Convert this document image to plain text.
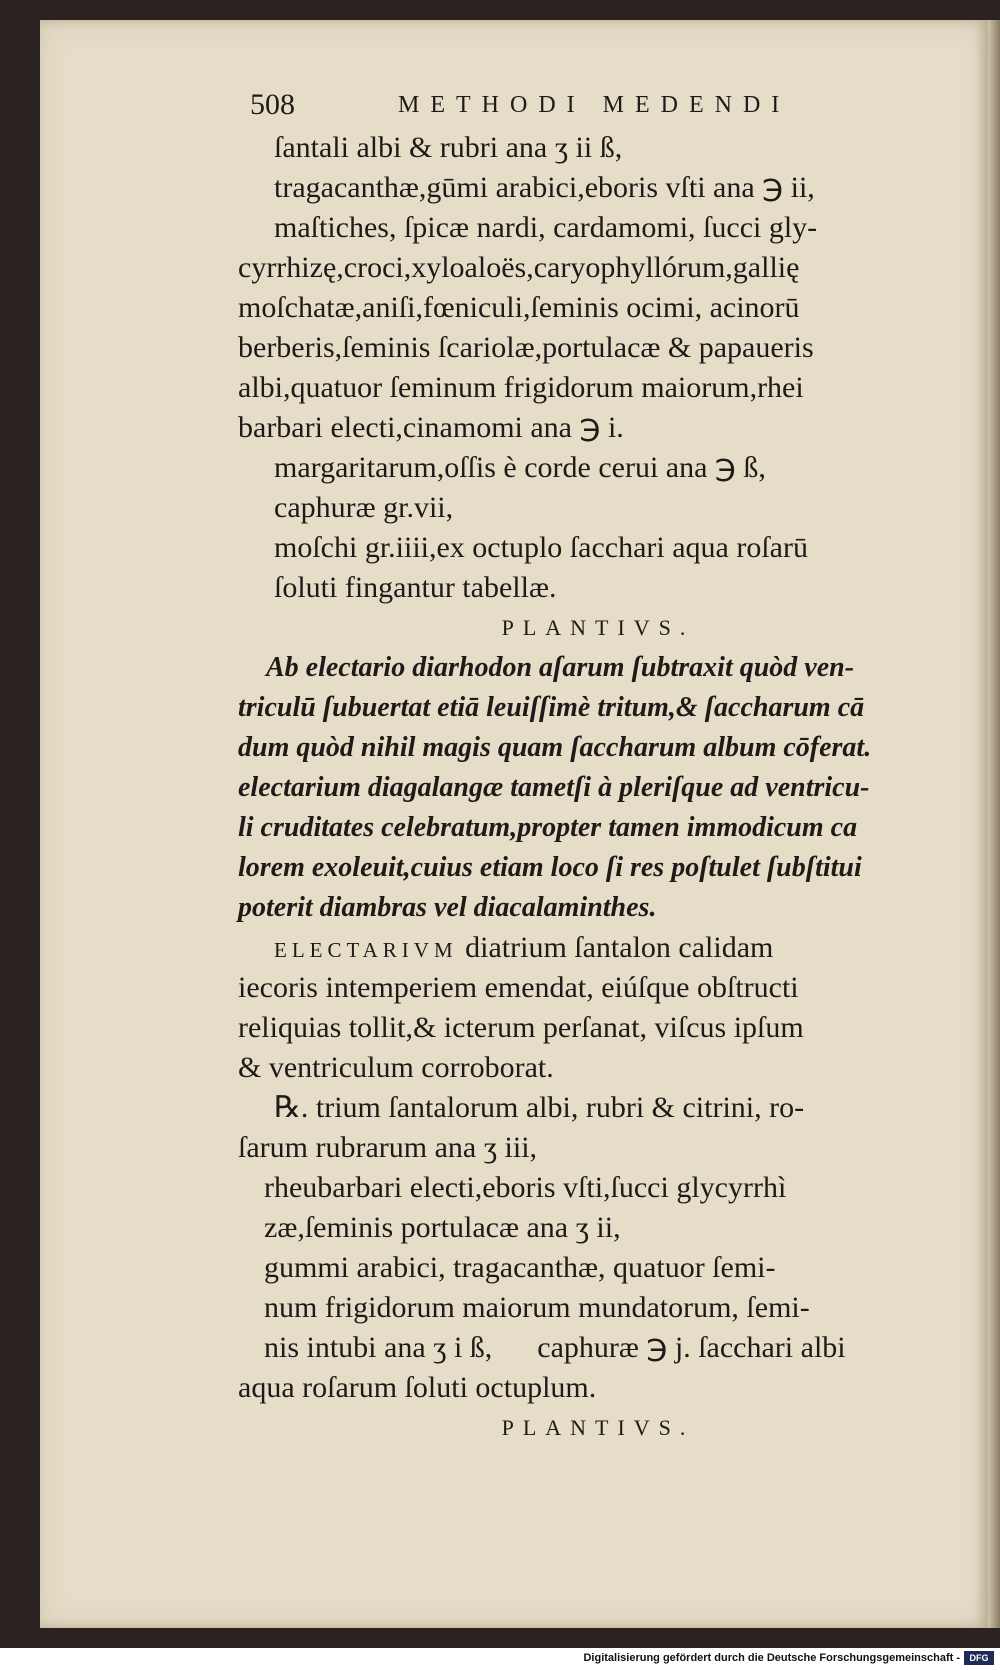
508	METHODI MEDENDI
ſantali albi & rubri ana ʒ ii ß,
tragacanthæ,gūmi arabici,eboris vſti ana ℈ ii,
maſtiches, ſpicæ nardi, cardamomi, ſucci gly-
cyrrhizę,croci,xyloaloës,caryophyllórum,gallię
moſchatæ,aniſi,fœniculi,ſeminis ocimi, acinorū
berberis,ſeminis ſcariolæ,portulacæ & papaueris
albi,quatuor ſeminum frigidorum maiorum,rhei
barbari electi,cinamomi ana ℈ i.
margaritarum,oſſis è corde cerui ana ℈ ß,
caphuræ gr.vii,
moſchi gr.iiii,ex octuplo ſacchari aqua roſarū
ſoluti fingantur tabellæ.
PLANTIVS.
Ab electario diarhodon aſarum ſubtraxit quòd ven-
triculū ſubuertat etiā leuiſſimè tritum,& ſaccharum cā
dum quòd nihil magis quam ſaccharum album cōferat.
electarium diagalangæ tametſi à pleriſque ad ventricu-
li cruditates celebratum,propter tamen immodicum ca
lorem exoleuit,cuius etiam loco ſi res poſtulet ſubſtitui
poterit diambras vel diacalaminthes.
ELECTARIVM diatrium ſantalon calidam
iecoris intemperiem emendat, eiúſque obſtructi
reliquias tollit,& icterum perſanat, viſcus ipſum
& ventriculum corroborat.
℞. trium ſantalorum albi, rubri & citrini, ro-
ſarum rubrarum ana ʒ iii,
rheubarbari electi,eboris vſti,ſucci glycyrrhì
zæ,ſeminis portulacæ ana ʒ ii,
gummi arabici, tragacanthæ, quatuor ſemi-
num frigidorum maiorum mundatorum, ſemi-
nis intubi ana ʒ i ß,      caphuræ ℈ j. ſacchari albi
aqua roſarum ſoluti octuplum.
PLANTIVS.
Digitalisierung gefördert durch die Deutsche Forschungsgemeinschaft -	DFG
